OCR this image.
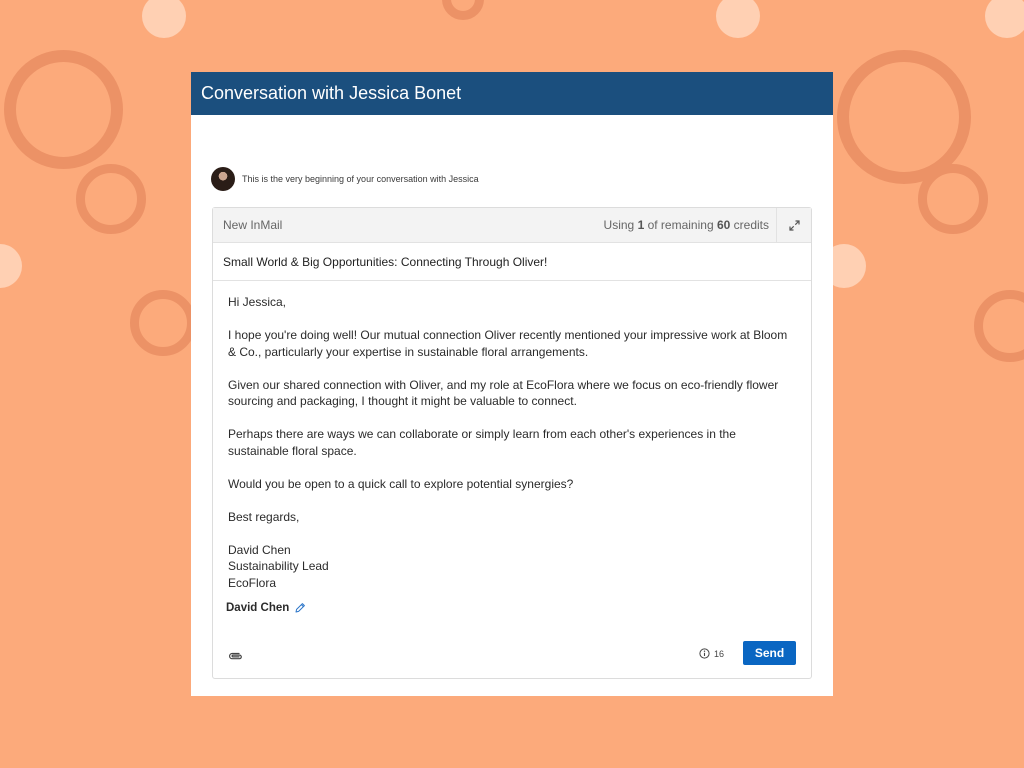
Conversation with Jessica Bonet
This is the very beginning of your conversation with Jessica
New InMail	Using 1 of remaining 60 credits
Small World & Big Opportunities: Connecting Through Oliver!

Hi Jessica,

I hope you're doing well! Our mutual connection Oliver recently mentioned your impressive work at Bloom & Co., particularly your expertise in sustainable floral arrangements.

Given our shared connection with Oliver, and my role at EcoFlora where we focus on eco-friendly flower sourcing and packaging, I thought it might be valuable to connect.

Perhaps there are ways we can collaborate or simply learn from each other's experiences in the sustainable floral space.

Would you be open to a quick call to explore potential synergies?

Best regards,

David Chen

Sustainability Lead

EcoFlora

David Chen
16	Send
